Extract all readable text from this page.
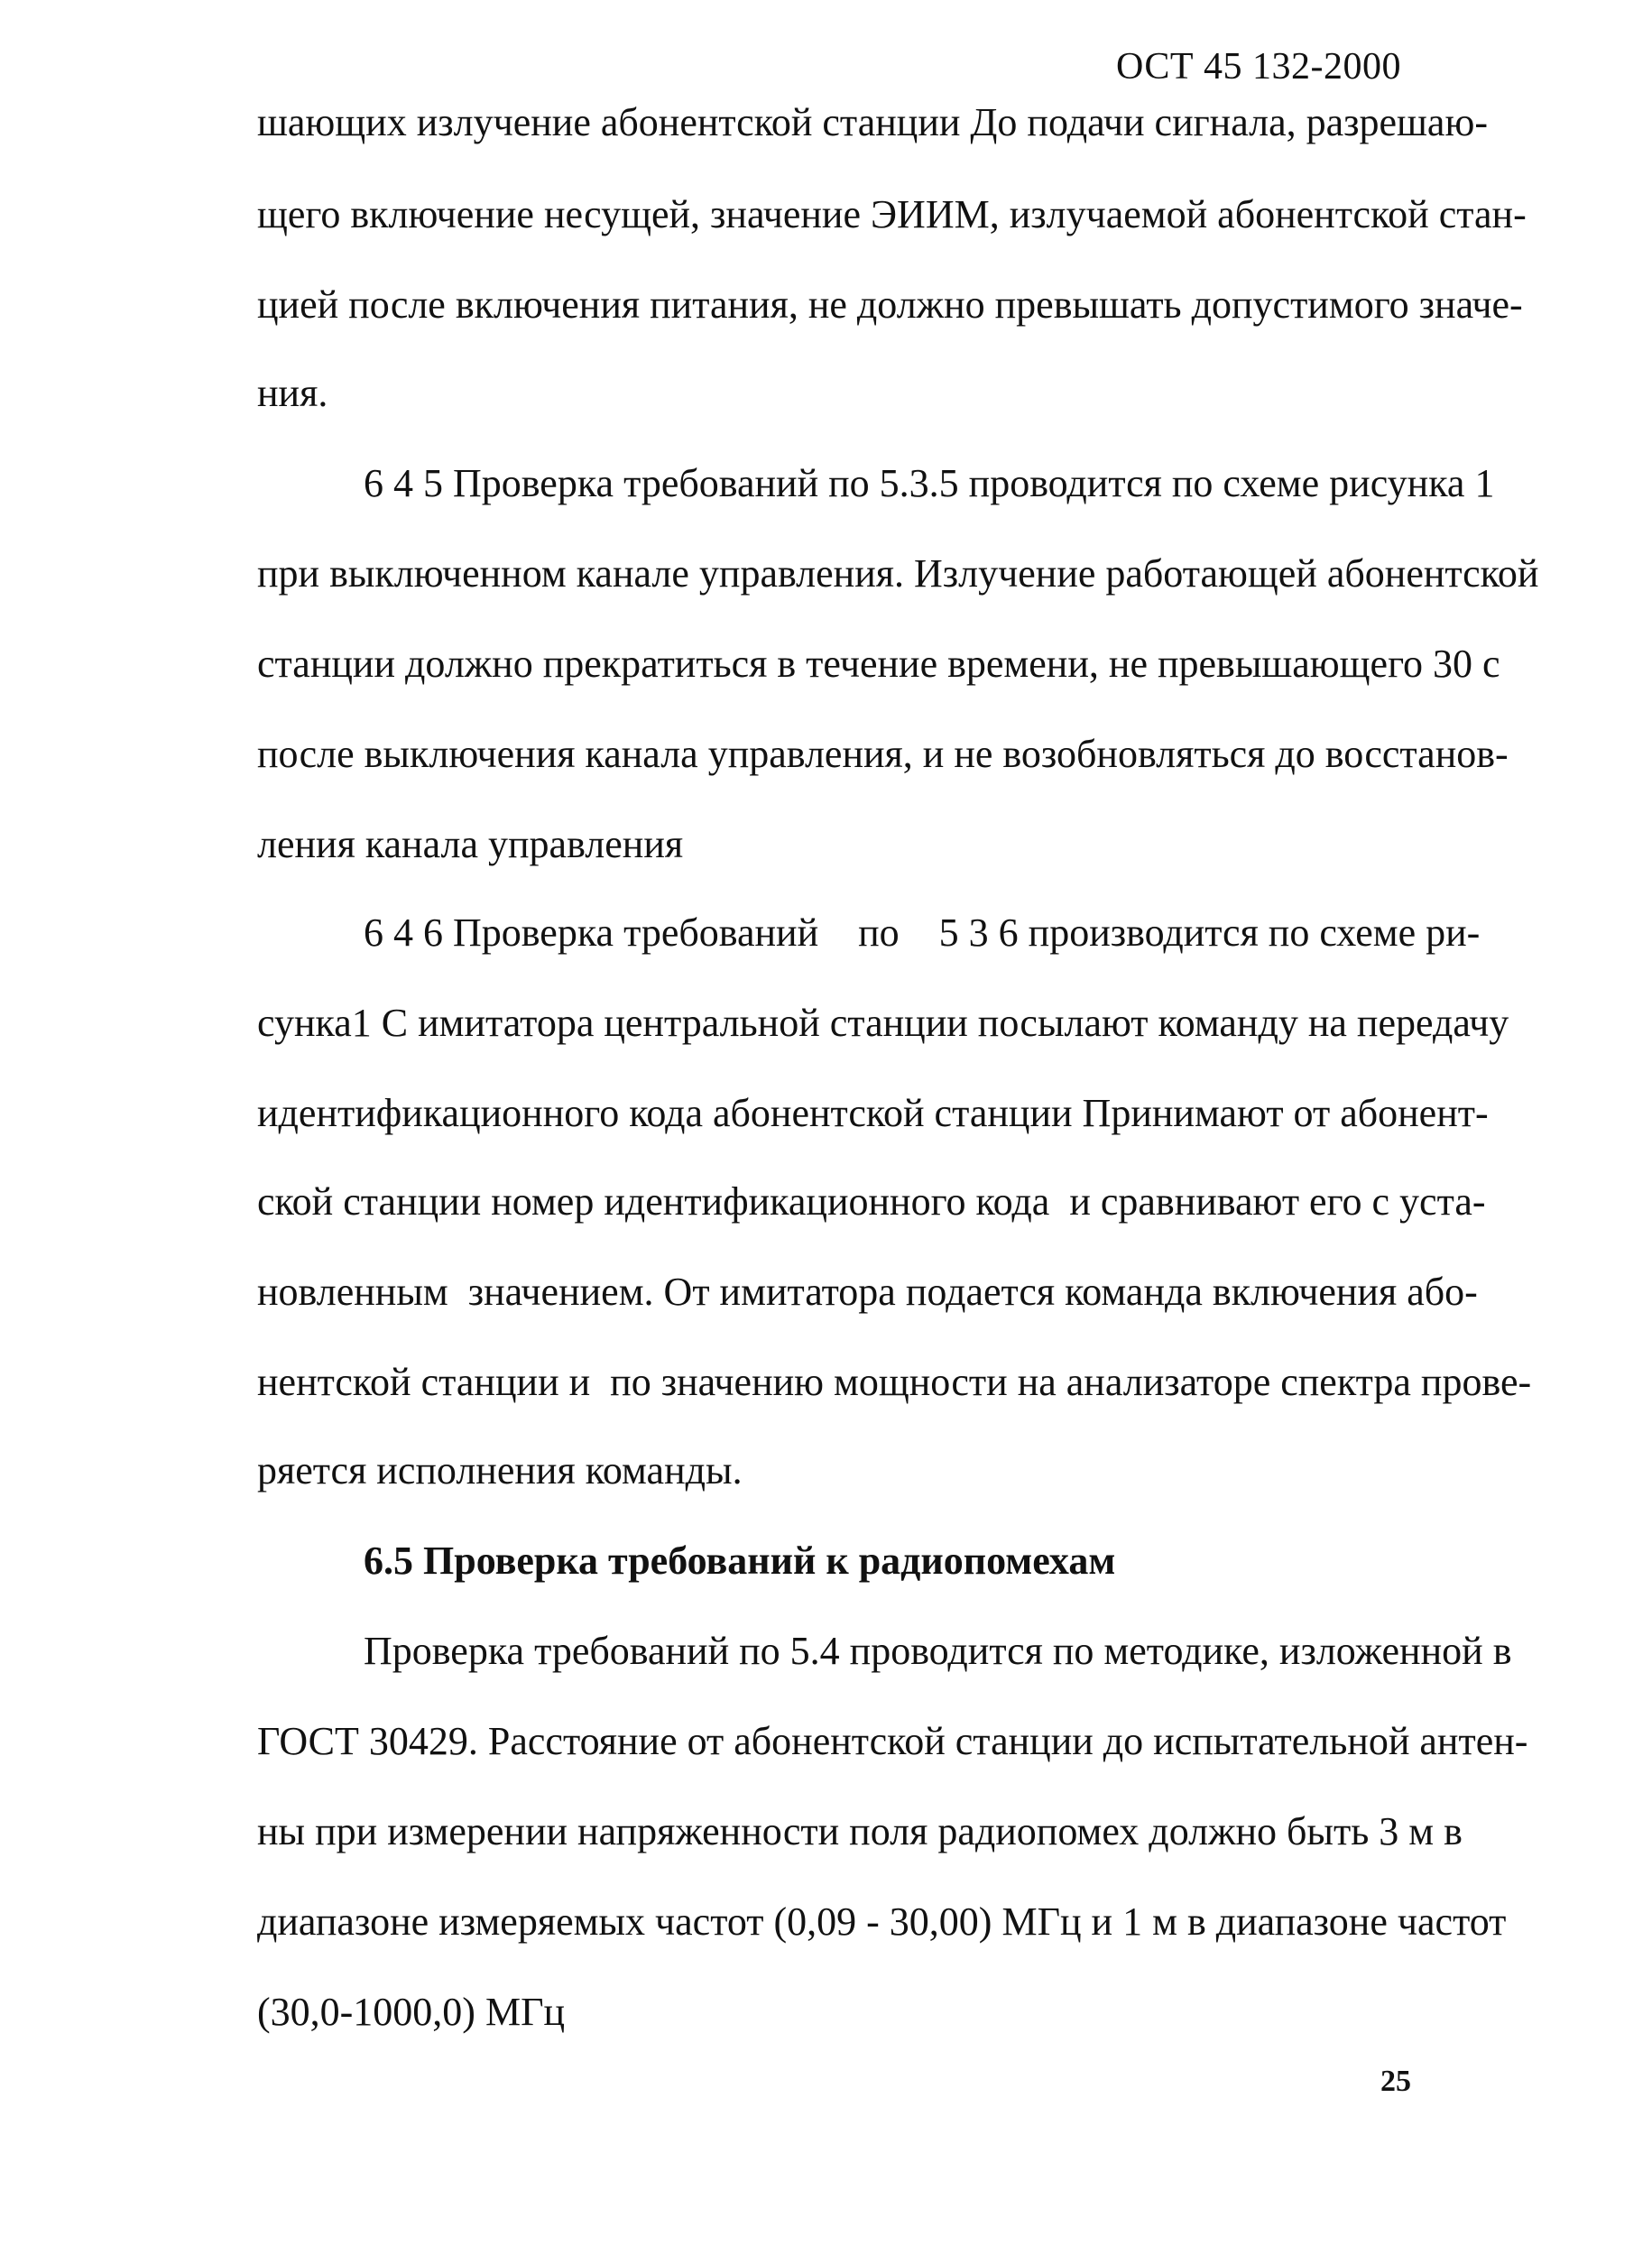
ОСТ 45 132-2000
шающих излучение абонентской станции До подачи сигнала, разрешаю-
щего включение несущей, значение ЭИИМ, излучаемой абонентской стан-
цией после включения питания, не должно превышать допустимого значе-
ния.
6 4 5 Проверка требований по 5.3.5 проводится по схеме рисунка 1
при выключенном канале управления. Излучение работающей абонентской
станции должно прекратиться в течение времени, не превышающего 30 с
после выключения канала управления, и не возобновляться до восстанов-
ления канала управления
6 4 6 Проверка требований    по    5 3 6 производится по схеме ри-
сунка1 С имитатора центральной станции посылают команду на передачу
идентификационного кода абонентской станции Принимают от абонент-
ской станции номер идентификационного кода  и сравнивают его с уста-
новленным  значением. От имитатора подается команда включения або-
нентской станции и  по значению мощности на анализаторе спектра прове-
ряется исполнения команды.
6.5 Проверка требований к радиопомехам
Проверка требований по 5.4 проводится по методике, изложенной в
ГОСТ 30429. Расстояние от абонентской станции до испытательной антен-
ны при измерении напряженности поля радиопомех должно быть 3 м в
диапазоне измеряемых частот (0,09 - 30,00) МГц и 1 м в диапазоне частот
(30,0-1000,0) МГц
25
